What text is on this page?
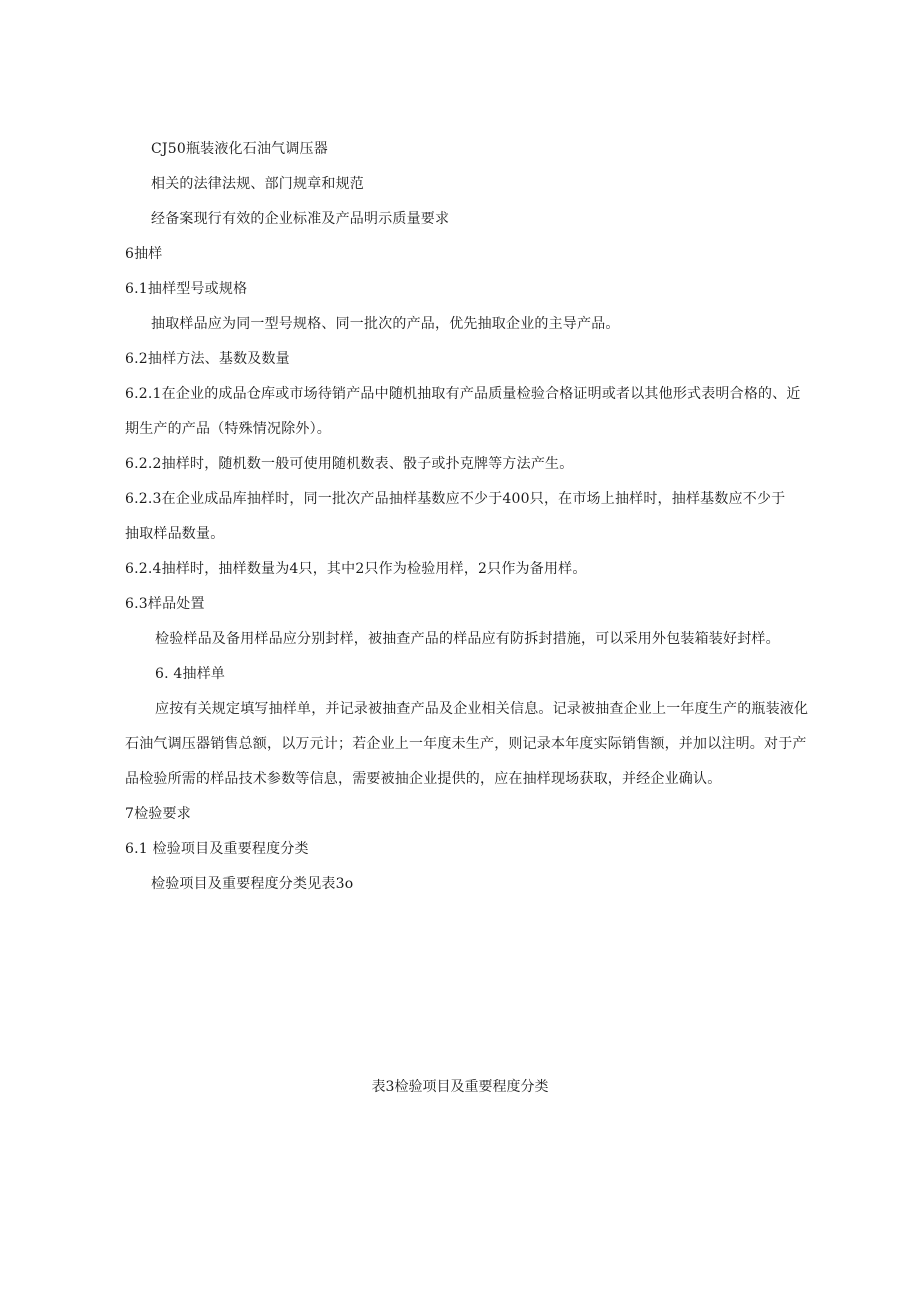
CJ50瓶装液化石油气调压器
相关的法律法规、部门规章和规范
经备案现行有效的企业标准及产品明示质量要求
6抽样
6.1抽样型号或规格
抽取样品应为同一型号规格、同一批次的产品，优先抽取企业的主导产品。
6.2抽样方法、基数及数量
6.2.1在企业的成品仓库或市场待销产品中随机抽取有产品质量检验合格证明或者以其他形式表明合格的、近
期生产的产品（特殊情况除外）。
6.2.2抽样时，随机数一般可使用随机数表、骰子或扑克牌等方法产生。
6.2.3在企业成品库抽样时，同一批次产品抽样基数应不少于400只，在市场上抽样时，抽样基数应不少于
抽取样品数量。
6.2.4抽样时，抽样数量为4只，其中2只作为检验用样，2只作为备用样。
6.3样品处置
检验样品及备用样品应分别封样，被抽查产品的样品应有防拆封措施，可以采用外包装箱装好封样。
6. 4抽样单
应按有关规定填写抽样单，并记录被抽查产品及企业相关信息。记录被抽查企业上一年度生产的瓶装液化
石油气调压器销售总额，以万元计；若企业上一年度未生产，则记录本年度实际销售额，并加以注明。对于产
品检验所需的样品技术参数等信息，需要被抽企业提供的，应在抽样现场获取，并经企业确认。
7检验要求
6.1 检验项目及重要程度分类
检验项目及重要程度分类见表3o
表3检验项目及重要程度分类
